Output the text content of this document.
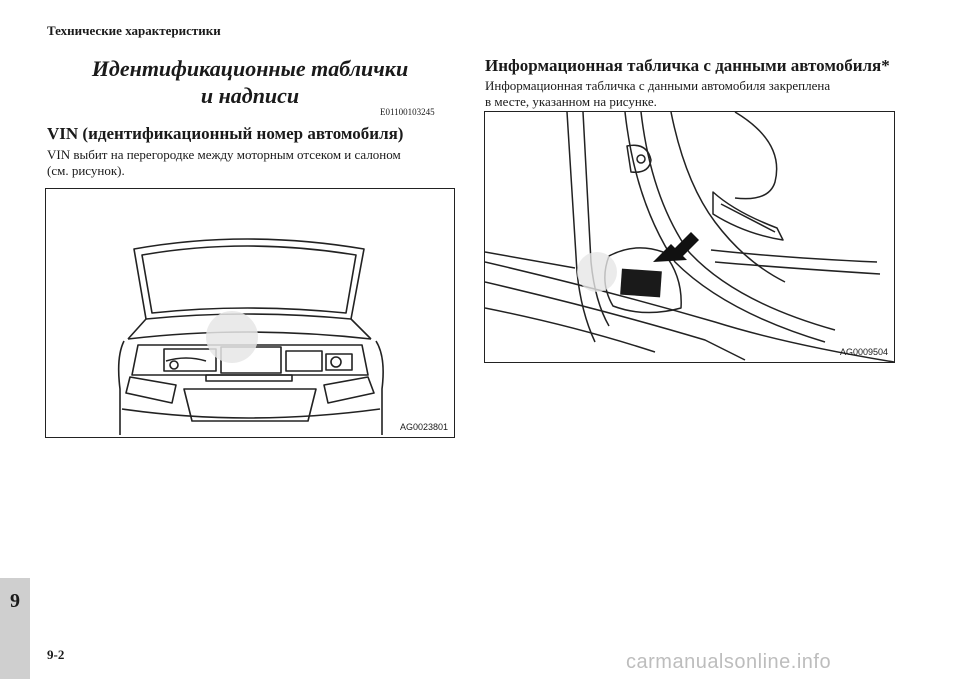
Технические характеристики
Идентификационные таблички
и надписи
E01100103245
VIN (идентификационный номер автомобиля)
VIN выбит на перегородке между моторным отсеком и салоном
(см. рисунок).
AG0023801
Информационная табличка с данными автомобиля*
Информационная табличка с данными автомобиля закреплена
в месте, указанном на рисунке.
AG0009504
9
9-2	carmanualsonline.info
